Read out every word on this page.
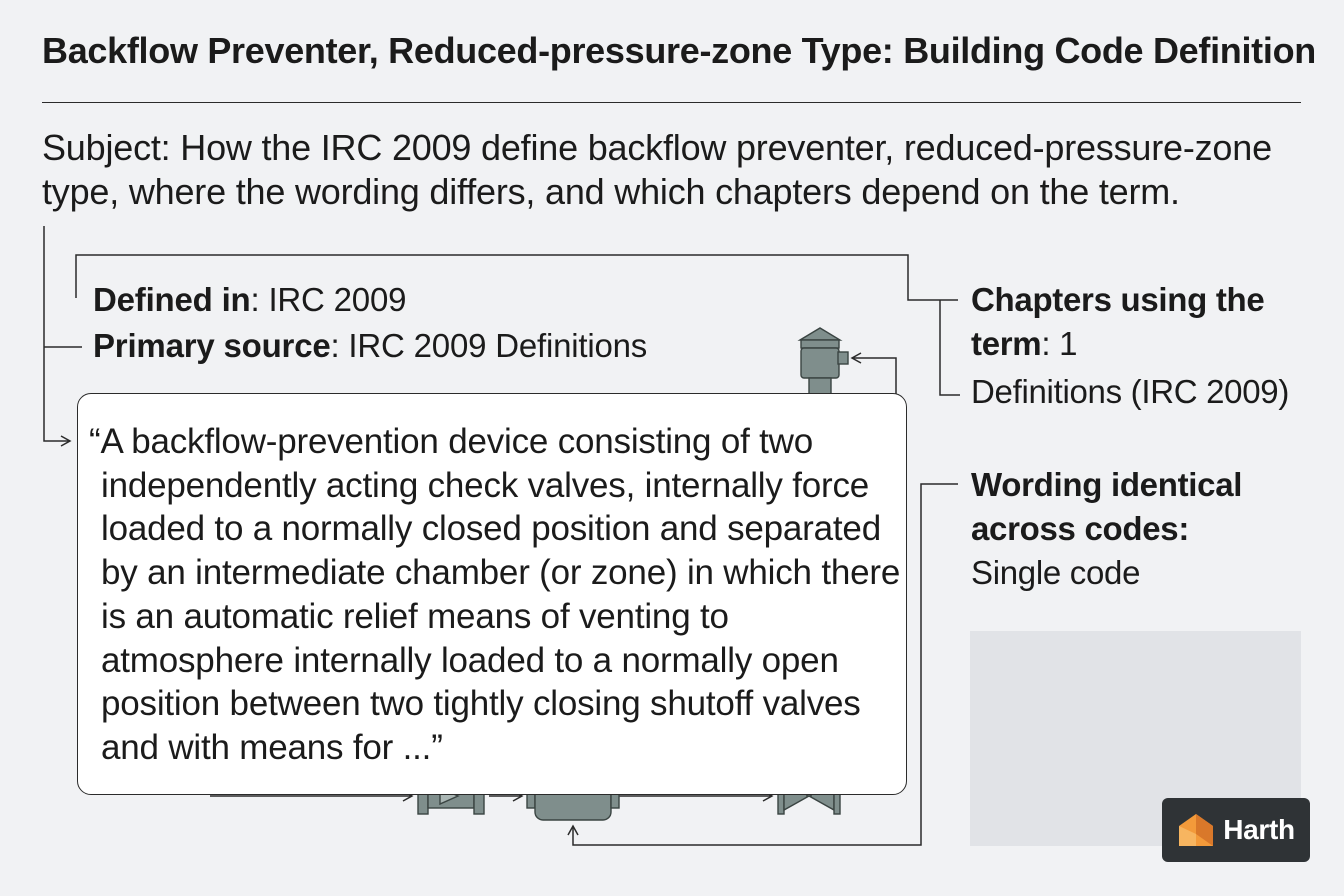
Backflow Preventer, Reduced-pressure-zone Type: Building Code Definition
Subject: How the IRC 2009 define backflow preventer, reduced-pressure-zone type, where the wording differs, and which chapters depend on the term.
Defined in: IRC 2009
Primary source: IRC 2009 Definitions

“A backflow-prevention device consisting of two independently acting check valves, internally force loaded to a normally closed position and separated by an intermediate chamber (or zone) in which there is an automatic relief means of venting to atmosphere internally loaded to a normally open position between two tightly closing shutoff valves and with means for ...”

Chapters using the
term: 1
Definitions (IRC 2009)
Wording identical
across codes:
Single code
Harth
